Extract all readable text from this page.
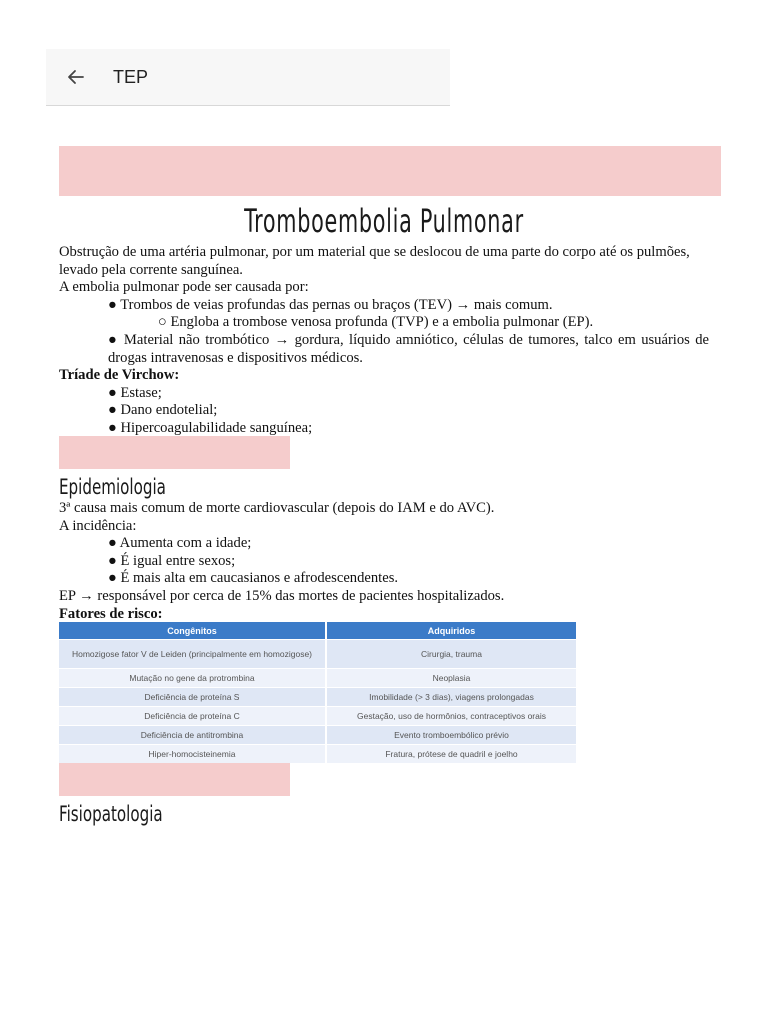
TEP
Tromboembolia Pulmonar

Obstrução de uma artéria pulmonar, por um material que se deslocou de uma parte do corpo até os pulmões, levado pela corrente sanguínea.

A embolia pulmonar pode ser causada por:

● Trombos de veias profundas das pernas ou braços (TEV) → mais comum.

○ Engloba a trombose venosa profunda (TVP) e a embolia pulmonar (EP).

● Material não trombótico → gordura, líquido amniótico, células de tumores, talco em usuários de drogas intravenosas e dispositivos médicos.

Tríade de Virchow:

● Estase;

● Dano endotelial;

● Hipercoagulabilidade sanguínea;

Epidemiologia

3ª causa mais comum de morte cardiovascular (depois do IAM e do AVC).

A incidência:

● Aumenta com a idade;

● É igual entre sexos;

● É mais alta em caucasianos e afrodescendentes.

EP → responsável por cerca de 15% das mortes de pacientes hospitalizados.

Fatores de risco:

Congênitos	Adquiridos
Homozigose fator V de Leiden (principalmente em homozigose)	Cirurgia, trauma
Mutação no gene da protrombina	Neoplasia
Deficiência de proteína S	Imobilidade (> 3 dias), viagens prolongadas
Deficiência de proteína C	Gestação, uso de hormônios, contraceptivos orais
Deficiência de antitrombina	Evento tromboembólico prévio
Hiper-homocisteinemia	Fratura, prótese de quadril e joelho
Fisiopatologia
